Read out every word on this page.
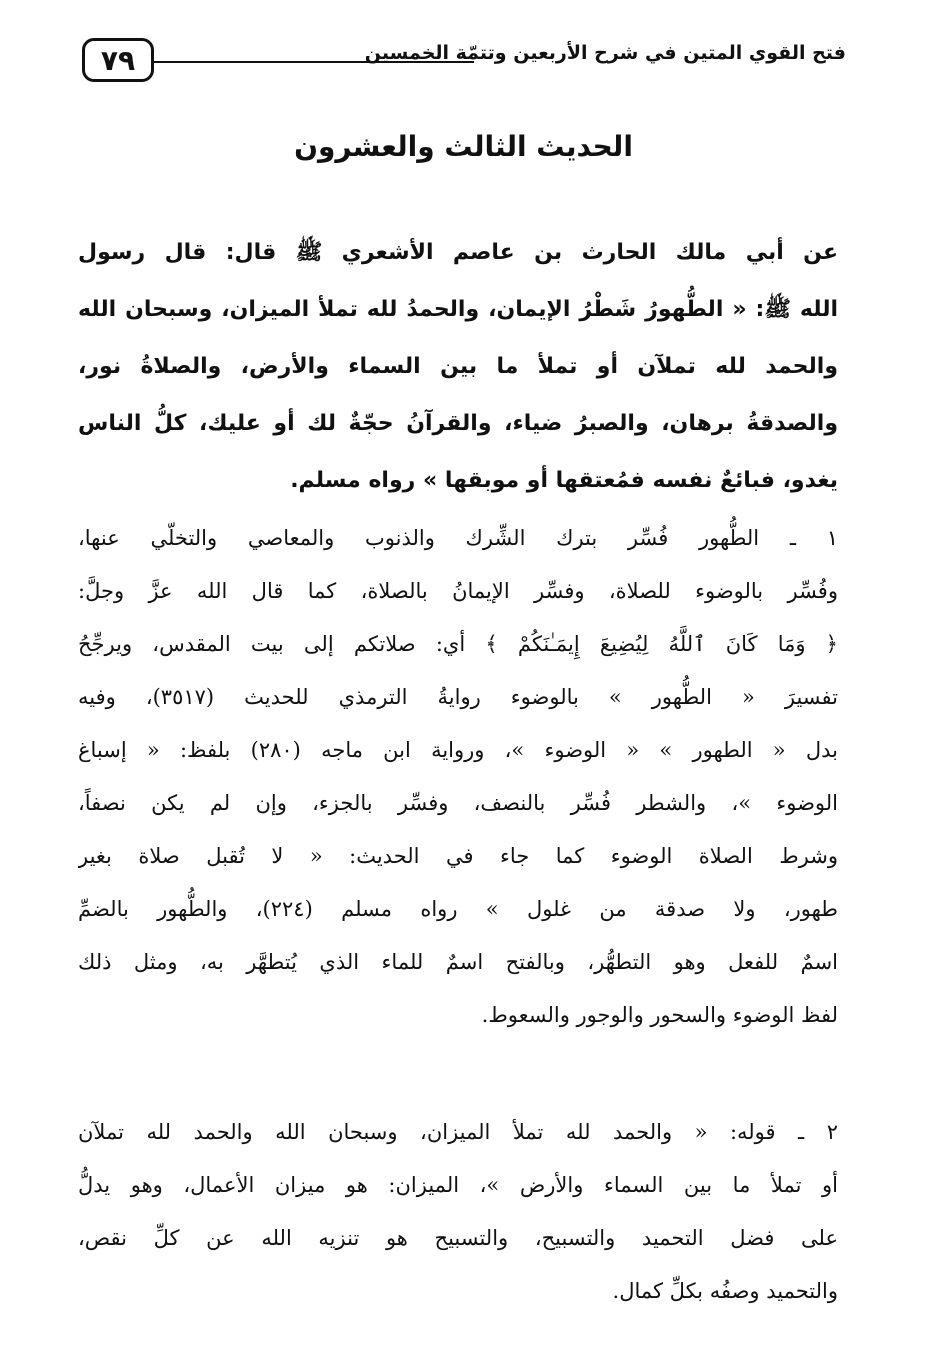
٧٩	فتح القوي المتين في شرح الأربعين وتتمّة الخمسين
الحديث الثالث والعشرون
عن أبي مالك الحارث بن عاصم الأشعري ﷺ قال: قال رسول
الله ﷺ: « الطُّهورُ شَطْرُ الإيمان، والحمدُ لله تملأ الميزان، وسبحان الله
والحمد لله تملآن أو تملأ ما بين السماء والأرض، والصلاةُ نور،
والصدقةُ برهان، والصبرُ ضياء، والقرآنُ حجّةٌ لك أو عليك، كلُّ الناس
يغدو، فبائعٌ نفسه فمُعتقها أو موبقها » رواه مسلم.
١ ـ الطُّهور فُسِّر بترك الشِّرك والذنوب والمعاصي والتخلّي عنها،
وفُسِّر بالوضوء للصلاة، وفسِّر الإيمانُ بالصلاة، كما قال الله عزَّ وجلَّ:
﴿ وَمَا كَانَ ٱللَّهُ لِيُضِيعَ إِيمَـٰنَكُمْ ﴾ أي: صلاتكم إلى بيت المقدس، ويرجِّحُ
تفسيرَ « الطُّهور » بالوضوء روايةُ الترمذي للحديث (٣٥١٧)، وفيه
بدل « الطهور » « الوضوء »، ورواية ابن ماجه (٢٨٠) بلفظ: « إسباغ
الوضوء »، والشطر فُسِّر بالنصف، وفسِّر بالجزء، وإن لم يكن نصفاً،
وشرط الصلاة الوضوء كما جاء في الحديث: « لا تُقبل صلاة بغير
طهور، ولا صدقة من غلول » رواه مسلم (٢٢٤)، والطُّهور بالضمِّ
اسمٌ للفعل وهو التطهُّر، وبالفتح اسمٌ للماء الذي يُتطهَّر به، ومثل ذلك
لفظ الوضوء والسحور والوجور والسعوط.
٢ ـ قوله: « والحمد لله تملأ الميزان، وسبحان الله والحمد لله تملآن
أو تملأ ما بين السماء والأرض »، الميزان: هو ميزان الأعمال، وهو يدلُّ
على فضل التحميد والتسبيح، والتسبيح هو تنزيه الله عن كلِّ نقص،
والتحميد وصفُه بكلِّ كمال.
